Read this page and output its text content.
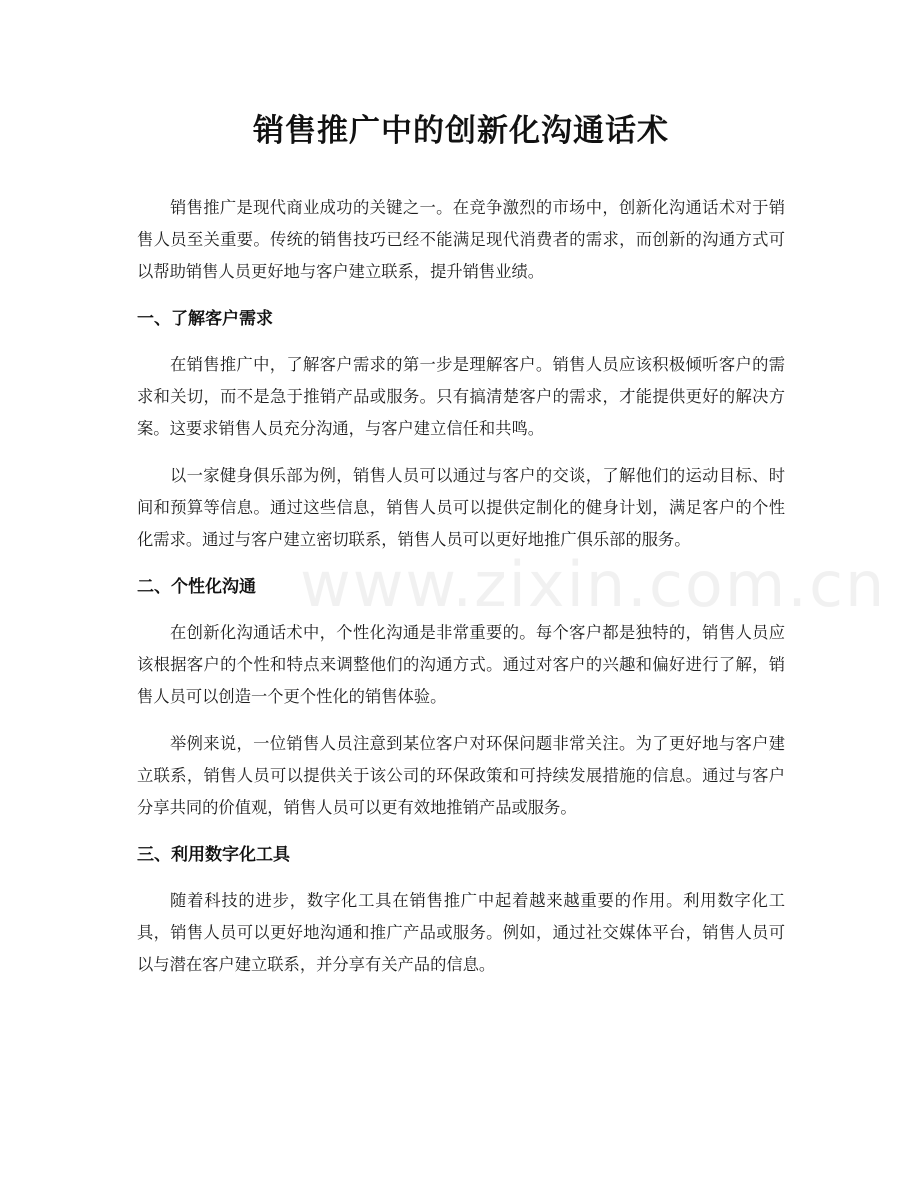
销售推广中的创新化沟通话术

销售推广是现代商业成功的关键之一。在竞争激烈的市场中，创新化沟通话术对于销售人员至关重要。传统的销售技巧已经不能满足现代消费者的需求，而创新的沟通方式可以帮助销售人员更好地与客户建立联系，提升销售业绩。

一、了解客户需求

在销售推广中，了解客户需求的第一步是理解客户。销售人员应该积极倾听客户的需求和关切，而不是急于推销产品或服务。只有搞清楚客户的需求，才能提供更好的解决方案。这要求销售人员充分沟通，与客户建立信任和共鸣。

以一家健身俱乐部为例，销售人员可以通过与客户的交谈，了解他们的运动目标、时间和预算等信息。通过这些信息，销售人员可以提供定制化的健身计划，满足客户的个性化需求。通过与客户建立密切联系，销售人员可以更好地推广俱乐部的服务。

二、个性化沟通

在创新化沟通话术中，个性化沟通是非常重要的。每个客户都是独特的，销售人员应该根据客户的个性和特点来调整他们的沟通方式。通过对客户的兴趣和偏好进行了解，销售人员可以创造一个更个性化的销售体验。

举例来说，一位销售人员注意到某位客户对环保问题非常关注。为了更好地与客户建立联系，销售人员可以提供关于该公司的环保政策和可持续发展措施的信息。通过与客户分享共同的价值观，销售人员可以更有效地推销产品或服务。

三、利用数字化工具

随着科技的进步，数字化工具在销售推广中起着越来越重要的作用。利用数字化工具，销售人员可以更好地沟通和推广产品或服务。例如，通过社交媒体平台，销售人员可以与潜在客户建立联系，并分享有关产品的信息。

www.zixin.com.cn
